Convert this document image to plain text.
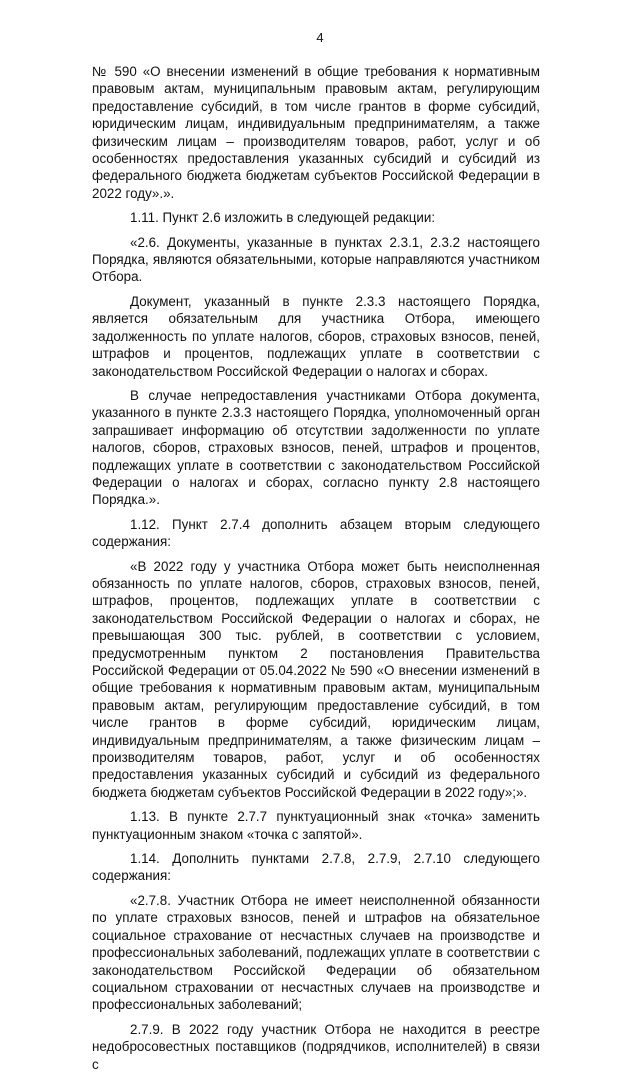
4

№ 590 «О внесении изменений в общие требования к нормативным правовым актам, муниципальным правовым актам, регулирующим предоставление субсидий, в том числе грантов в форме субсидий, юридическим лицам, индивидуальным предпринимателям, а также физическим лицам – производителям товаров, работ, услуг и об особенностях предоставления указанных субсидий и субсидий из федерального бюджета бюджетам субъектов Российской Федерации в 2022 году».».

1.11. Пункт 2.6 изложить в следующей редакции:

«2.6. Документы, указанные в пунктах 2.3.1, 2.3.2 настоящего Порядка, являются обязательными, которые направляются участником Отбора.

Документ, указанный в пункте 2.3.3 настоящего Порядка, является обязательным для участника Отбора, имеющего задолженность по уплате налогов, сборов, страховых взносов, пеней, штрафов и процентов, подлежащих уплате в соответствии с законодательством Российской Федерации о налогах и сборах.

В случае непредоставления участниками Отбора документа, указанного в пункте 2.3.3 настоящего Порядка, уполномоченный орган запрашивает информацию об отсутствии задолженности по уплате налогов, сборов, страховых взносов, пеней, штрафов и процентов, подлежащих уплате в соответствии с законодательством Российской Федерации о налогах и сборах, согласно пункту 2.8 настоящего Порядка.».

1.12. Пункт 2.7.4 дополнить абзацем вторым следующего содержания:

«В 2022 году у участника Отбора может быть неисполненная обязанность по уплате налогов, сборов, страховых взносов, пеней, штрафов, процентов, подлежащих уплате в соответствии с законодательством Российской Федерации о налогах и сборах, не превышающая 300 тыс. рублей, в соответствии с условием, предусмотренным пунктом 2 постановления Правительства Российской Федерации от 05.04.2022 № 590 «О внесении изменений в общие требования к нормативным правовым актам, муниципальным правовым актам, регулирующим предоставление субсидий, в том числе грантов в форме субсидий, юридическим лицам, индивидуальным предпринимателям, а также физическим лицам – производителям товаров, работ, услуг и об особенностях предоставления указанных субсидий и субсидий из федерального бюджета бюджетам субъектов Российской Федерации в 2022 году»;».

1.13. В пункте 2.7.7 пунктуационный знак «точка» заменить пунктуационным знаком «точка с запятой».

1.14. Дополнить пунктами 2.7.8, 2.7.9, 2.7.10 следующего содержания:

«2.7.8. Участник Отбора не имеет неисполненной обязанности по уплате страховых взносов, пеней и штрафов на обязательное социальное страхование от несчастных случаев на производстве и профессиональных заболеваний, подлежащих уплате в соответствии с законодательством Российской Федерации об обязательном социальном страховании от несчастных случаев на производстве и профессиональных заболеваний;

2.7.9. В 2022 году участник Отбора не находится в реестре недобросовестных поставщиков (подрядчиков, исполнителей) в связи с
